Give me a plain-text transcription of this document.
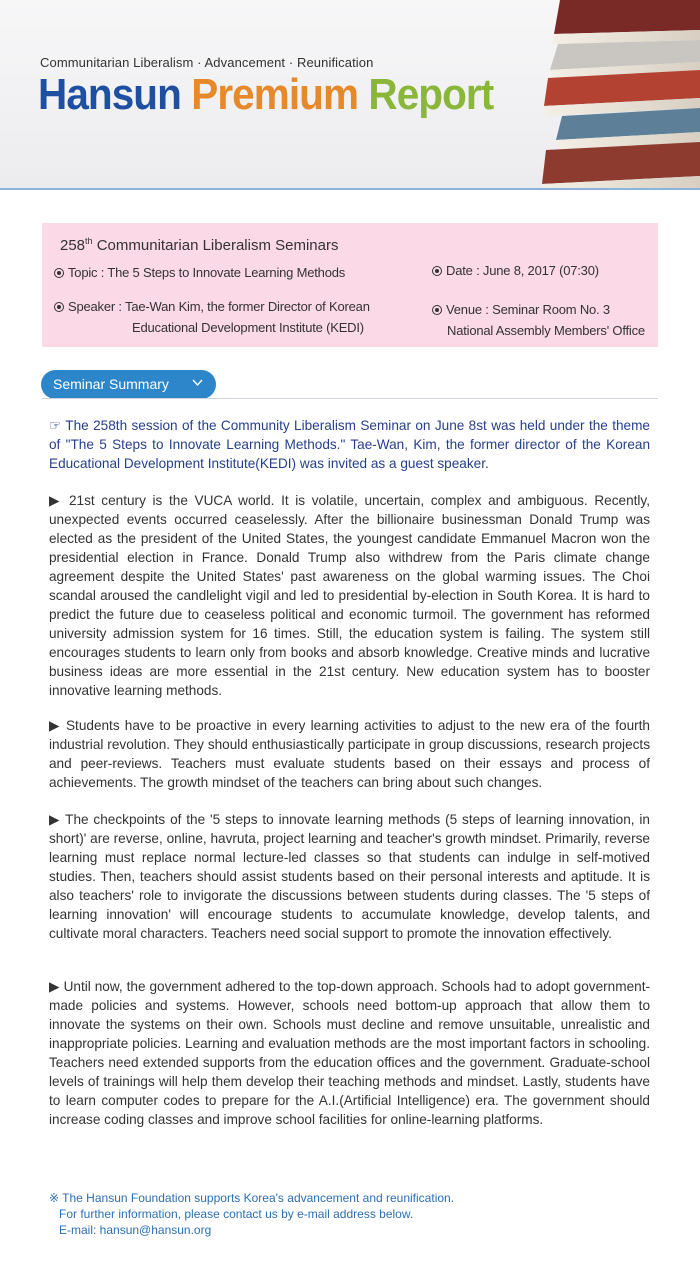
Communitarian Liberalism · Advancement · Reunification
Hansun Premium Report
258th Communitarian Liberalism Seminars
Topic : The 5 Steps to Innovate Learning Methods
Speaker : Tae-Wan Kim, the former Director of Korean
Educational Development Institute (KEDI)
Date : June 8, 2017 (07:30)
Venue : Seminar Room No. 3
National Assembly Members' Office
Seminar Summary
☞ The 258th session of the Community Liberalism Seminar on June 8st was held under the theme of "The 5 Steps to Innovate Learning Methods." Tae-Wan, Kim, the former director of the Korean Educational Development Institute(KEDI) was invited as a guest speaker.
▶ 21st century is the VUCA world. It is volatile, uncertain, complex and ambiguous. Recently, unexpected events occurred ceaselessly. After the billionaire businessman Donald Trump was elected as the president of the United States, the youngest candidate Emmanuel Macron won the presidential election in France. Donald Trump also withdrew from the Paris climate change agreement despite the United States' past awareness on the global warming issues. The Choi scandal aroused the candlelight vigil and led to presidential by-election in South Korea. It is hard to predict the future due to ceaseless political and economic turmoil. The government has reformed university admission system for 16 times. Still, the education system is failing. The system still encourages students to learn only from books and absorb knowledge. Creative minds and lucrative business ideas are more essential in the 21st century. New education system has to booster innovative learning methods.
▶ Students have to be proactive in every learning activities to adjust to the new era of the fourth industrial revolution. They should enthusiastically participate in group discussions, research projects and peer-reviews. Teachers must evaluate students based on their essays and process of achievements. The growth mindset of the teachers can bring about such changes.
▶ The checkpoints of the '5 steps to innovate learning methods (5 steps of learning innovation, in short)' are reverse, online, havruta, project learning and teacher's growth mindset. Primarily, reverse learning must replace normal lecture-led classes so that students can indulge in self-motived studies. Then, teachers should assist students based on their personal interests and aptitude. It is also teachers' role to invigorate the discussions between students during classes. The '5 steps of learning innovation' will encourage students to accumulate knowledge, develop talents, and cultivate moral characters. Teachers need social support to promote the innovation effectively.
▶ Until now, the government adhered to the top-down approach. Schools had to adopt government-made policies and systems. However, schools need bottom-up approach that allow them to innovate the systems on their own. Schools must decline and remove unsuitable, unrealistic and inappropriate policies. Learning and evaluation methods are the most important factors in schooling. Teachers need extended supports from the education offices and the government. Graduate-school levels of trainings will help them develop their teaching methods and mindset. Lastly, students have to learn computer codes to prepare for the A.I.(Artificial Intelligence) era. The government should increase coding classes and improve school facilities for online-learning platforms.
※ The Hansun Foundation supports Korea's advancement and reunification.
For further information, please contact us by e-mail address below.
E-mail: hansun@hansun.org
